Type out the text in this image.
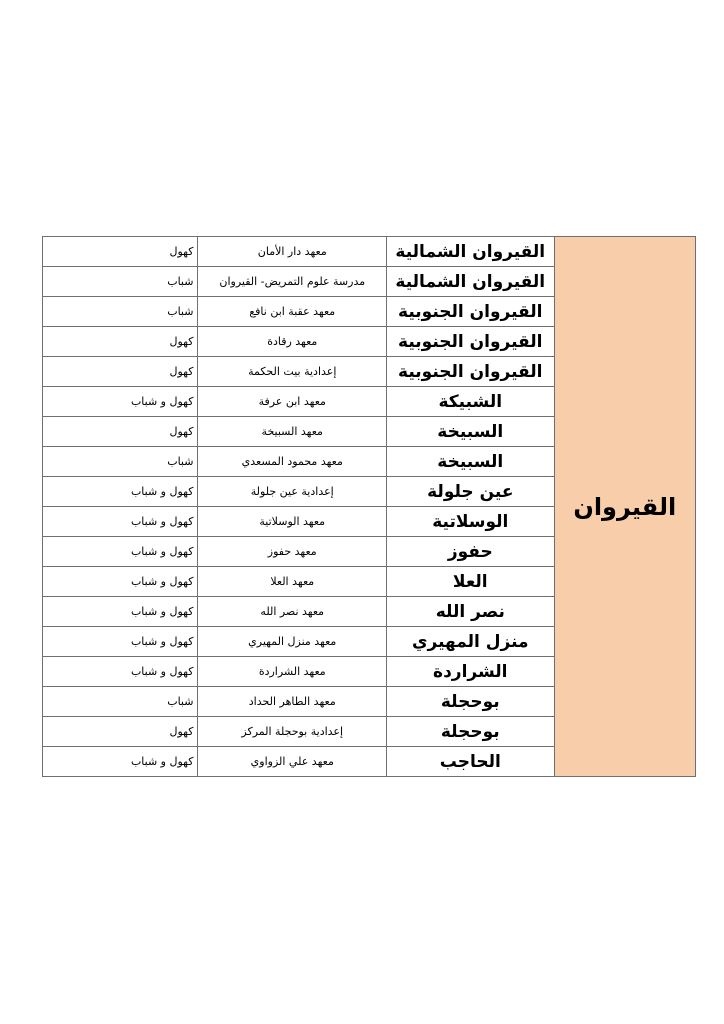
كهول	معهد دار الأمان	القيروان الشمالية	القيروان
شباب	مدرسة علوم التمريض- القيروان	القيروان الشمالية	
شباب	معهد عقبة ابن نافع	القيروان الجنوبية	
كهول	معهد رقادة	القيروان الجنوبية	
كهول	إعدادية بيت الحكمة	القيروان الجنوبية	
كهول و شباب	معهد ابن عرفة	الشبيكة	
كهول	معهد السبيخة	السبيخة	
شباب	معهد محمود المسعدي	السبيخة	
كهول و شباب	إعدادية عين جلولة	عين جلولة	
كهول و شباب	معهد الوسلاتية	الوسلاتية	
كهول و شباب	معهد حفوز	حفوز	
كهول و شباب	معهد العلا	العلا	
كهول و شباب	معهد نصر الله	نصر الله	
كهول و شباب	معهد منزل المهيري	منزل المهيري	
كهول و شباب	معهد الشراردة	الشراردة	
شباب	معهد الطاهر الحداد	بوحجلة	
كهول	إعدادية بوحجلة المركز	بوحجلة	
كهول و شباب	معهد علي الزواوي	الحاجب	
